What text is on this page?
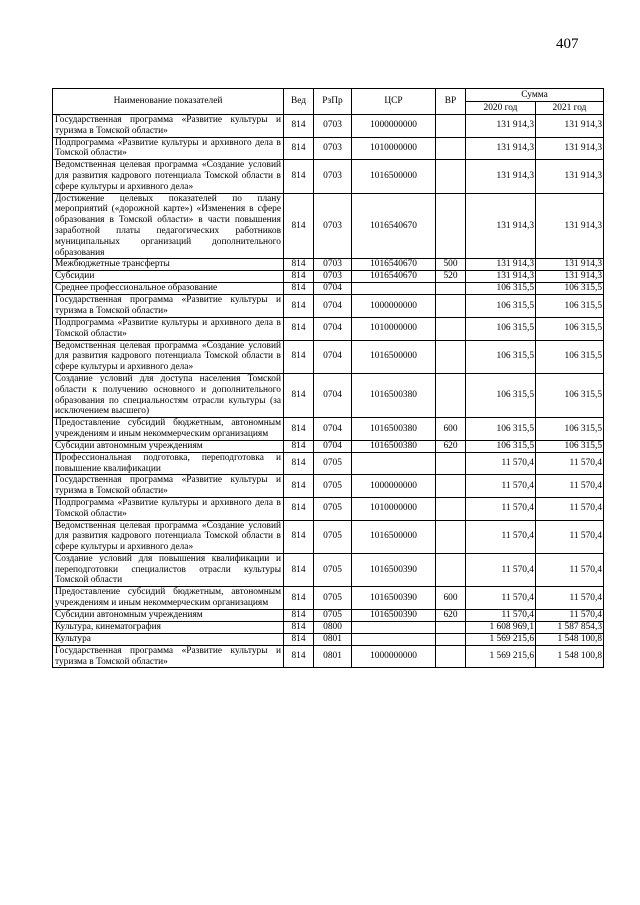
407
Наименование показателей	Вед	РзПр	ЦСР	ВР	Сумма	
					2020 год	2021 год
Государственная программа «Развитие культуры и туризма в Томской области»	814	0703	1000000000		131 914,3	131 914,3
Подпрограмма «Развитие культуры и архивного дела в Томской области»	814	0703	1010000000		131 914,3	131 914,3
Ведомственная целевая программа «Создание условий для развития кадрового потенциала Томской области в сфере культуры и архивного дела»	814	0703	1016500000		131 914,3	131 914,3
Достижение целевых показателей по плану мероприятий («дорожной карте») «Изменения в сфере образования в Томской области» в части повышения заработной платы педагогических работников муниципальных организаций дополнительного образования	814	0703	1016540670		131 914,3	131 914,3
Межбюджетные трансферты	814	0703	1016540670	500	131 914,3	131 914,3
Субсидии	814	0703	1016540670	520	131 914,3	131 914,3
Среднее профессиональное образование	814	0704			106 315,5	106 315,5
Государственная программа «Развитие культуры и туризма в Томской области»	814	0704	1000000000		106 315,5	106 315,5
Подпрограмма «Развитие культуры и архивного дела в Томской области»	814	0704	1010000000		106 315,5	106 315,5
Ведомственная целевая программа «Создание условий для развития кадрового потенциала Томской области в сфере культуры и архивного дела»	814	0704	1016500000		106 315,5	106 315,5
Создание условий для доступа населения Томской области к получению основного и дополнительного образования по специальностям отрасли культуры (за исключением высшего)	814	0704	1016500380		106 315,5	106 315,5
Предоставление субсидий бюджетным, автономным учреждениям и иным некоммерческим организациям	814	0704	1016500380	600	106 315,5	106 315,5
Субсидии автономным учреждениям	814	0704	1016500380	620	106 315,5	106 315,5
Профессиональная подготовка, переподготовка и повышение квалификации	814	0705			11 570,4	11 570,4
Государственная программа «Развитие культуры и туризма в Томской области»	814	0705	1000000000		11 570,4	11 570,4
Подпрограмма «Развитие культуры и архивного дела в Томской области»	814	0705	1010000000		11 570,4	11 570,4
Ведомственная целевая программа «Создание условий для развития кадрового потенциала Томской области в сфере культуры и архивного дела»	814	0705	1016500000		11 570,4	11 570,4
Создание условий для повышения квалификации и переподготовки специалистов отрасли культуры Томской области	814	0705	1016500390		11 570,4	11 570,4
Предоставление субсидий бюджетным, автономным учреждениям и иным некоммерческим организациям	814	0705	1016500390	600	11 570,4	11 570,4
Субсидии автономным учреждениям	814	0705	1016500390	620	11 570,4	11 570,4
Культура, кинематография	814	0800			1 608 969,1	1 587 854,3
Культура	814	0801			1 569 215,6	1 548 100,8
Государственная программа «Развитие культуры и туризма в Томской области»	814	0801	1000000000		1 569 215,6	1 548 100,8
